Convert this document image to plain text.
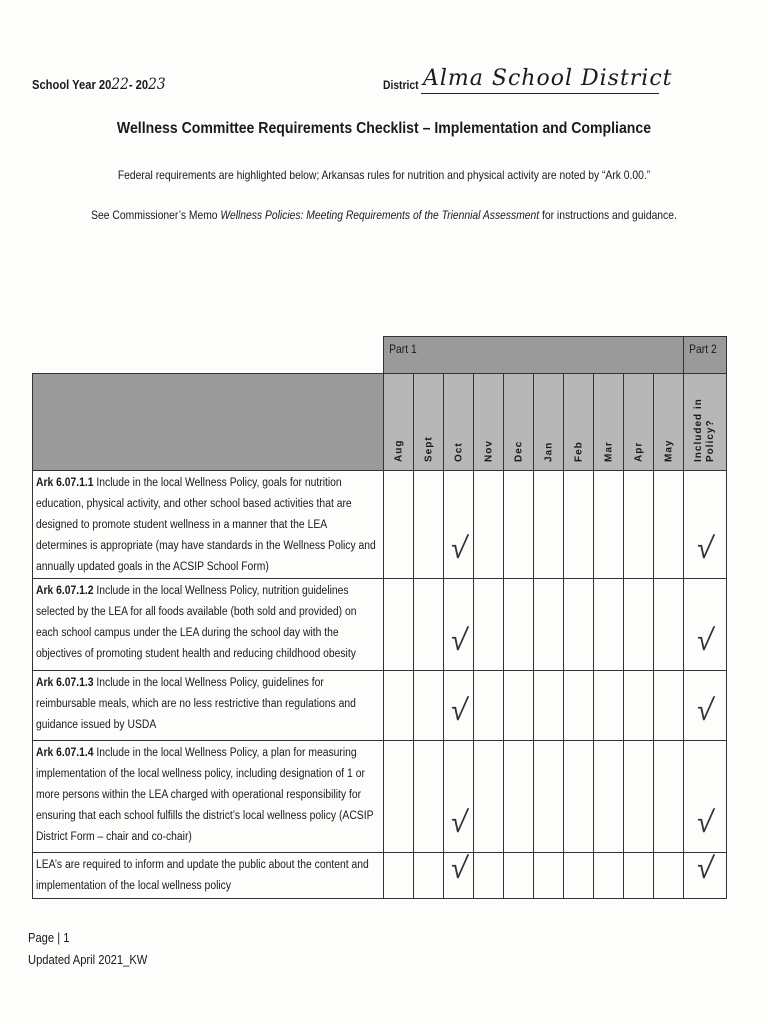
School Year 2022- 2023	District Alma School District
Wellness Committee Requirements Checklist – Implementation and Compliance
Federal requirements are highlighted below; Arkansas rules for nutrition and physical activity are noted by “Ark 0.00.”
See Commissioner’s Memo Wellness Policies: Meeting Requirements of the Triennial Assessment for instructions and guidance.

	Part 1										Part 2

	Aug	Sept	Oct	Nov	Dec	Jan	Feb	Mar	Apr	May	Included in Policy?

Ark 6.07.1.1 Include in the local Wellness Policy, goals for nutrition education, physical activity, and other school based activities that are designed to promote student wellness in a manner that the LEA determines is appropriate (may have standards in the Wellness Policy and annually updated goals in the ACSIP School Form)			√								√

Ark 6.07.1.2 Include in the local Wellness Policy, nutrition guidelines selected by the LEA for all foods available (both sold and provided) on each school campus under the LEA during the school day with the objectives of promoting student health and reducing childhood obesity			√								√

Ark 6.07.1.3 Include in the local Wellness Policy, guidelines for reimbursable meals, which are no less restrictive than regulations and guidance issued by USDA			√								√

Ark 6.07.1.4 Include in the local Wellness Policy, a plan for measuring implementation of the local wellness policy, including designation of 1 or more persons within the LEA charged with operational responsibility for ensuring that each school fulfills the district’s local wellness policy (ACSIP District Form – chair and co-chair)			√								√

LEA’s are required to inform and update the public about the content and implementation of the local wellness policy			√								√
Page | 1
Updated April 2021_KW
